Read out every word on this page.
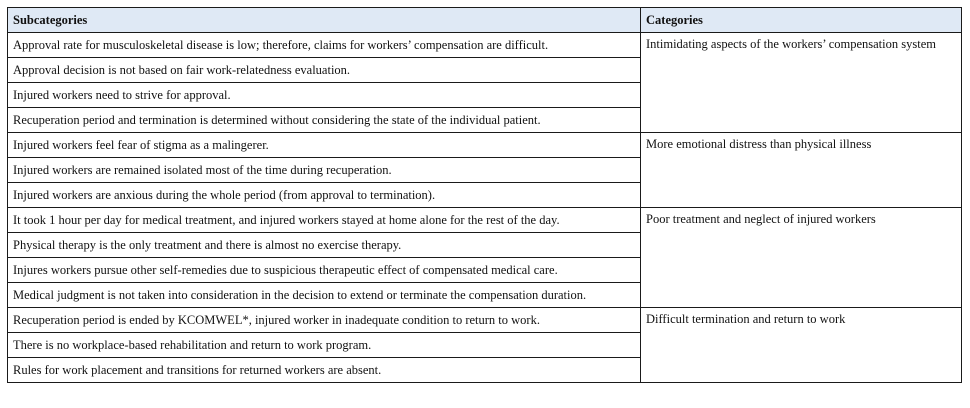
Subcategories	Categories
Approval rate for musculoskeletal disease is low; therefore, claims for workers’ compensation are difficult.	Intimidating aspects of the workers’ compensation system
Approval decision is not based on fair work-relatedness evaluation.	
Injured workers need to strive for approval.	
Recuperation period and termination is determined without considering the state of the individual patient.	
Injured workers feel fear of stigma as a malingerer.	More emotional distress than physical illness
Injured workers are remained isolated most of the time during recuperation.	
Injured workers are anxious during the whole period (from approval to termination).	
It took 1 hour per day for medical treatment, and injured workers stayed at home alone for the rest of the day.	Poor treatment and neglect of injured workers
Physical therapy is the only treatment and there is almost no exercise therapy.	
Injures workers pursue other self-remedies due to suspicious therapeutic effect of compensated medical care.	
Medical judgment is not taken into consideration in the decision to extend or terminate the compensation duration.	
Recuperation period is ended by KCOMWEL*, injured worker in inadequate condition to return to work.	Difficult termination and return to work
There is no workplace-based rehabilitation and return to work program.	
Rules for work placement and transitions for returned workers are absent.	
